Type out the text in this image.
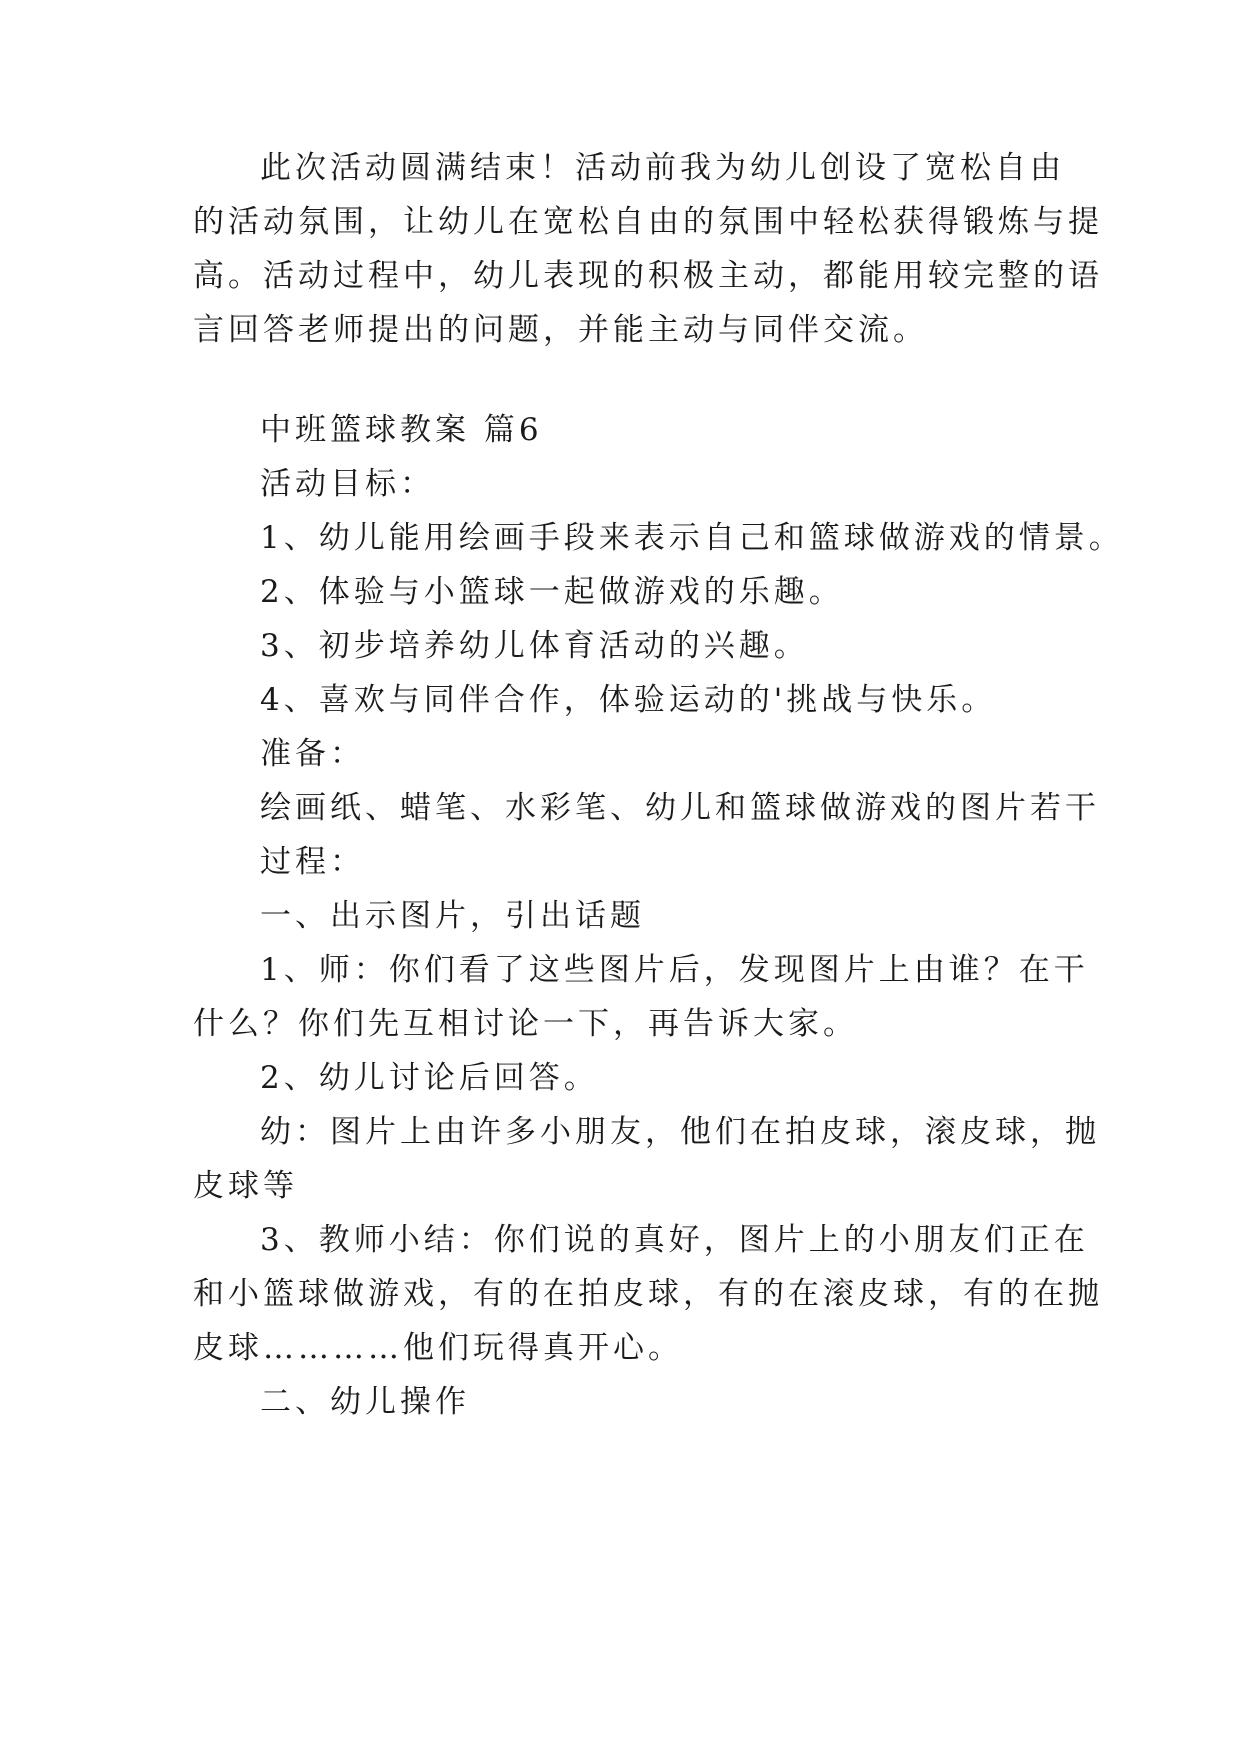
此次活动圆满结束！活动前我为幼儿创设了宽松自由
的活动氛围，让幼儿在宽松自由的氛围中轻松获得锻炼与提
高。活动过程中，幼儿表现的积极主动，都能用较完整的语
言回答老师提出的问题，并能主动与同伴交流。
中班篮球教案 篇6
活动目标：
1、幼儿能用绘画手段来表示自己和篮球做游戏的情景。
2、体验与小篮球一起做游戏的乐趣。
3、初步培养幼儿体育活动的兴趣。
4、喜欢与同伴合作，体验运动的'挑战与快乐。
准备：
绘画纸、蜡笔、水彩笔、幼儿和篮球做游戏的图片若干
过程：
一、出示图片，引出话题
1、师：你们看了这些图片后，发现图片上由谁？在干
什么？你们先互相讨论一下，再告诉大家。
2、幼儿讨论后回答。
幼：图片上由许多小朋友，他们在拍皮球，滚皮球，抛
皮球等
3、教师小结：你们说的真好，图片上的小朋友们正在
和小篮球做游戏，有的在拍皮球，有的在滚皮球，有的在抛
皮球…………他们玩得真开心。
二、幼儿操作
